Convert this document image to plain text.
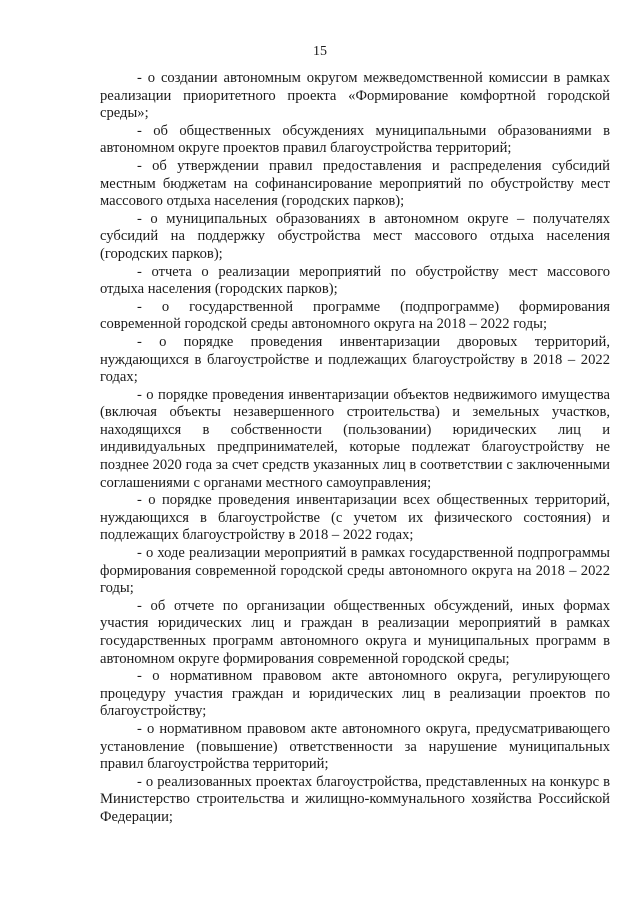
15

- о создании автономным округом межведомственной комиссии в рамках реализации приоритетного проекта «Формирование комфортной городской среды»;

- об общественных обсуждениях муниципальными образованиями в автономном округе проектов правил благоустройства территорий;

- об утверждении правил предоставления и распределения субсидий местным бюджетам на софинансирование мероприятий по обустройству мест массового отдыха населения (городских парков);

- о муниципальных образованиях в автономном округе – получателях субсидий на поддержку обустройства мест массового отдыха населения (городских парков);

- отчета о реализации мероприятий по обустройству мест массового отдыха населения (городских парков);

- о государственной программе (подпрограмме) формирования современной городской среды автономного округа на 2018 – 2022 годы;

- о порядке проведения инвентаризации дворовых территорий, нуждающихся в благоустройстве и подлежащих благоустройству в 2018 – 2022 годах;

- о порядке проведения инвентаризации объектов недвижимого имущества (включая объекты незавершенного строительства) и земельных участков, находящихся в собственности (пользовании) юридических лиц и индивидуальных предпринимателей, которые подлежат благоустройству не позднее 2020 года за счет средств указанных лиц в соответствии с заключенными соглашениями с органами местного самоуправления;

- о порядке проведения инвентаризации всех общественных территорий, нуждающихся в благоустройстве (с учетом их физического состояния) и подлежащих благоустройству в 2018 – 2022 годах;

- о ходе реализации мероприятий в рамках государственной подпрограммы формирования современной городской среды автономного округа на 2018 – 2022 годы;

- об отчете по организации общественных обсуждений, иных формах участия юридических лиц и граждан в реализации мероприятий в рамках государственных программ автономного округа и муниципальных программ в автономном округе формирования современной городской среды;

- о нормативном правовом акте автономного округа, регулирующего процедуру участия граждан и юридических лиц в реализации проектов по благоустройству;

- о нормативном правовом акте автономного округа, предусматривающего установление (повышение) ответственности за нарушение муниципальных правил благоустройства территорий;

- о реализованных проектах благоустройства, представленных на конкурс в Министерство строительства и жилищно-коммунального хозяйства Российской Федерации;
